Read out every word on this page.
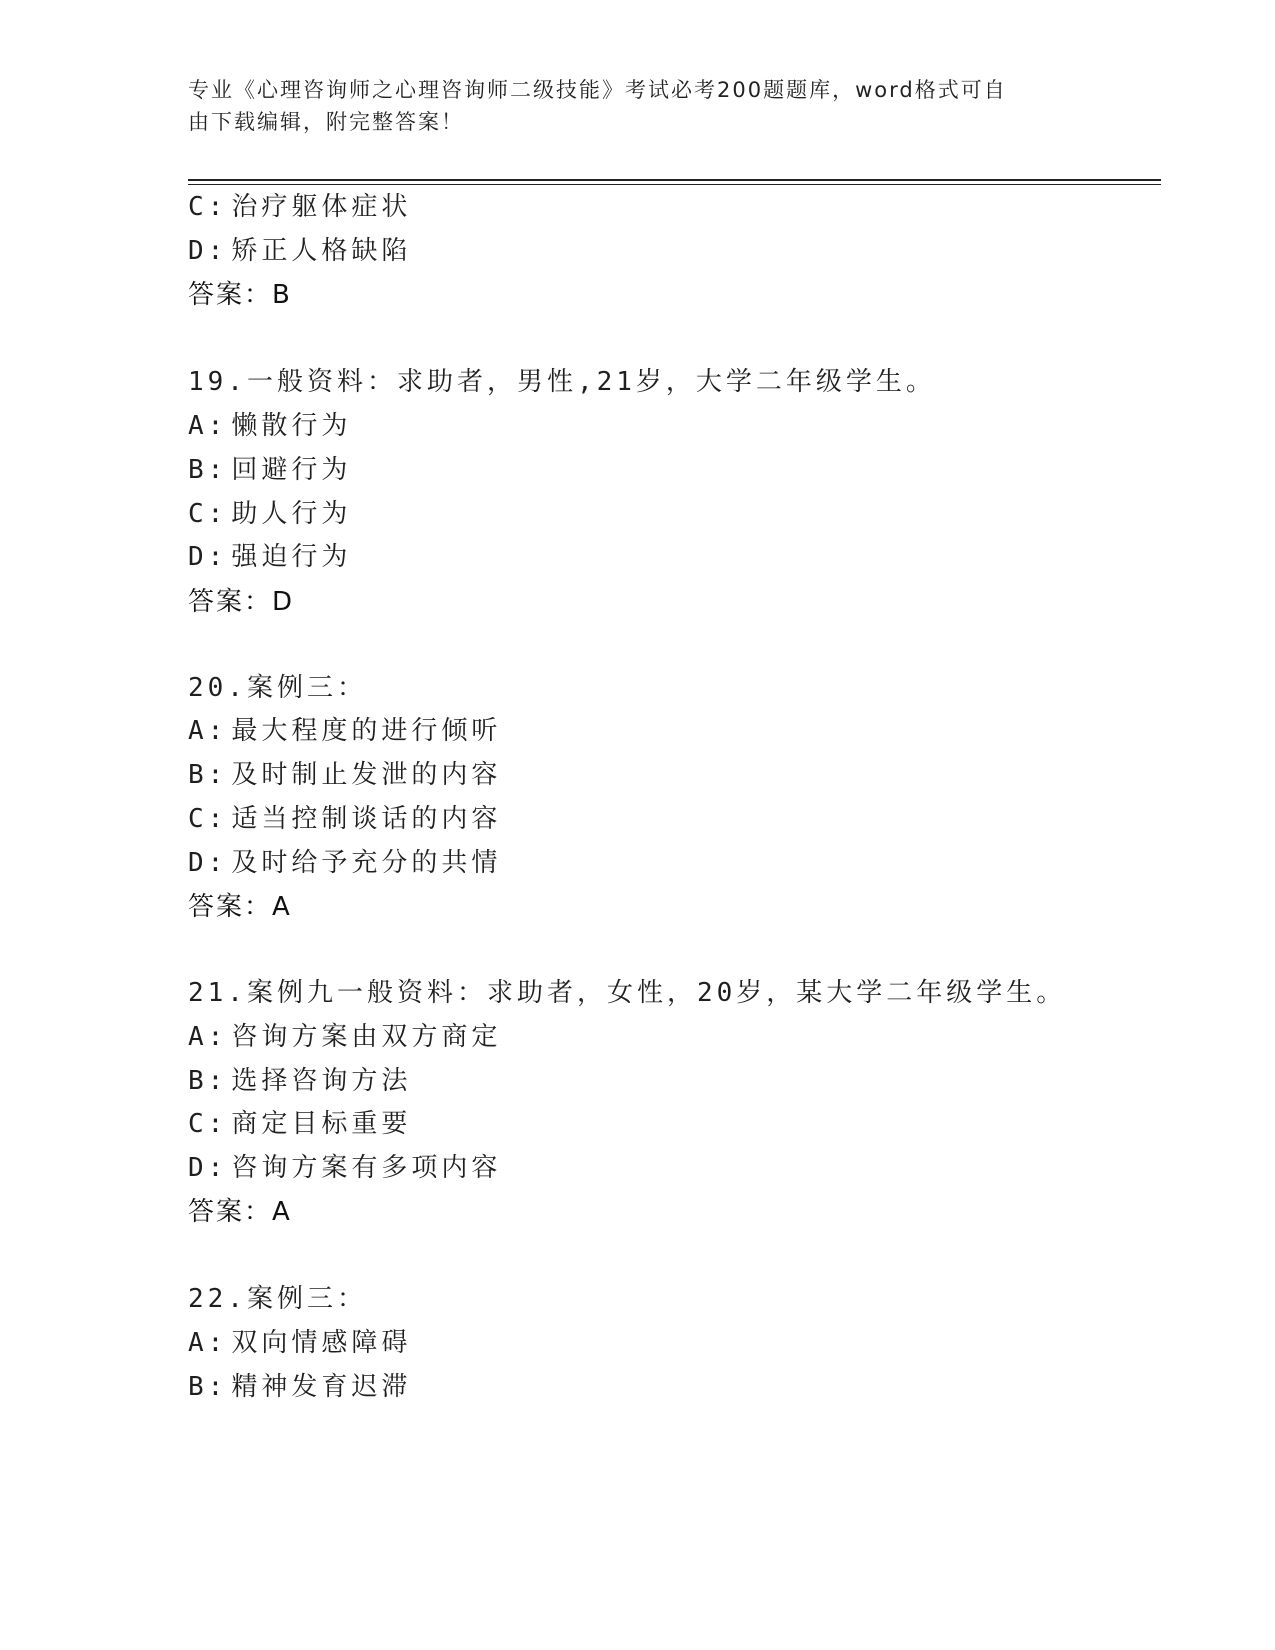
专业《心理咨询师之心理咨询师二级技能》考试必考200题题库，word格式可自
由下载编辑，附完整答案！
C: 治疗躯体症状
D: 矫正人格缺陷
答案：B
19.一般资料：求助者，男性,21岁，大学二年级学生。
A: 懒散行为
B: 回避行为
C: 助人行为
D: 强迫行为
答案：D
20.案例三：
A: 最大程度的进行倾听
B: 及时制止发泄的内容
C: 适当控制谈话的内容
D: 及时给予充分的共情
答案：A
21.案例九一般资料：求助者，女性，20岁，某大学二年级学生。
A: 咨询方案由双方商定
B: 选择咨询方法
C: 商定目标重要
D: 咨询方案有多项内容
答案：A
22.案例三：
A: 双向情感障碍
B: 精神发育迟滞
